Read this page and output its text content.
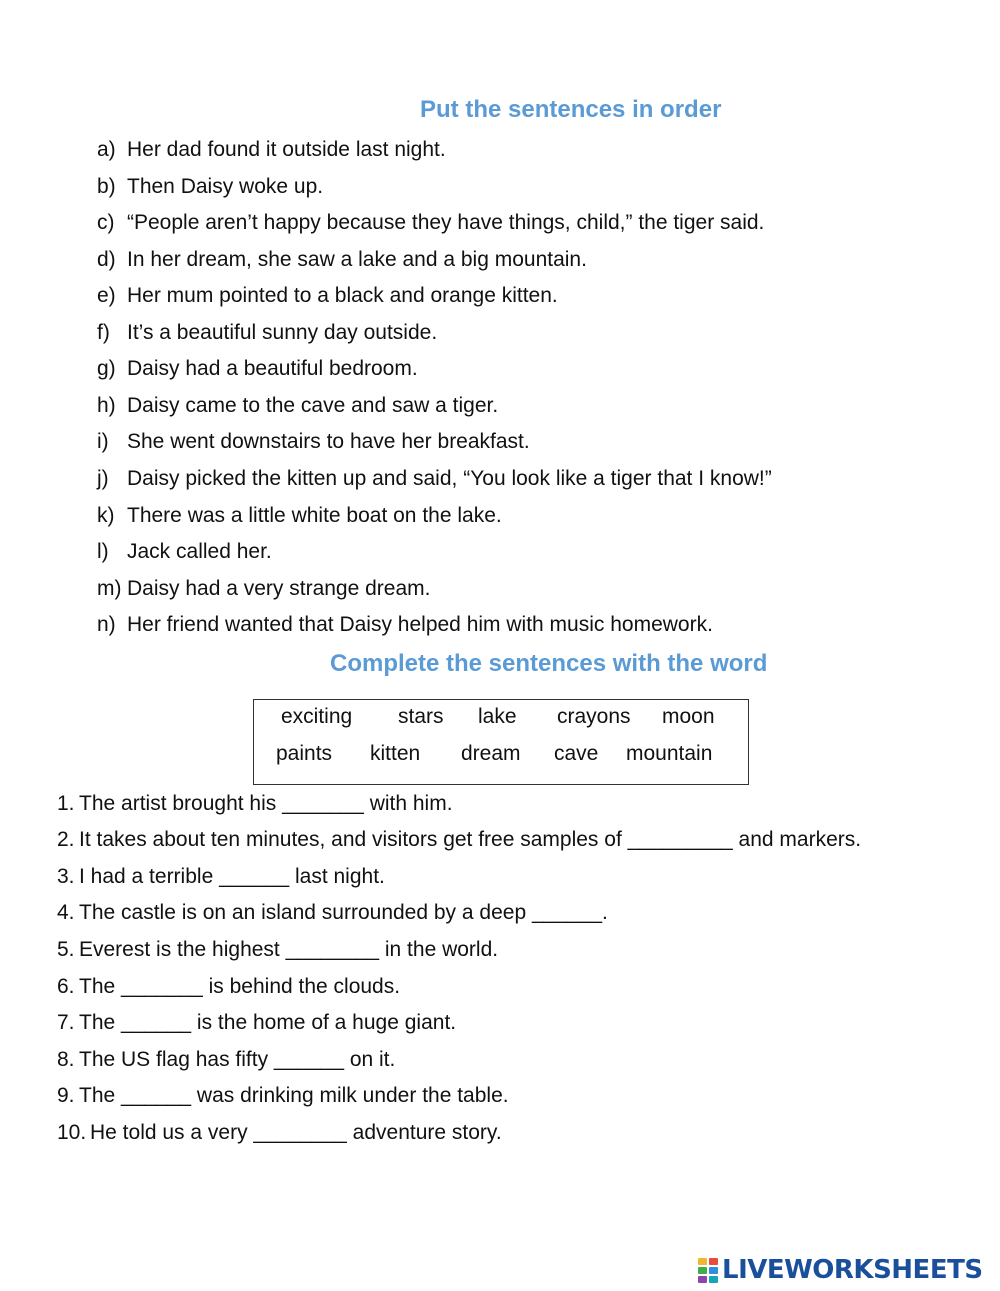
Put the sentences in order
a) Her dad found it outside last night.
b) Then Daisy woke up.
c) “People aren’t happy because they have things, child,” the tiger said.
d) In her dream, she saw a lake and a big mountain.
e) Her mum pointed to a black and orange kitten.
f) It’s a beautiful sunny day outside.
g) Daisy had a beautiful bedroom.
h) Daisy came to the cave and saw a tiger.
i) She went downstairs to have her breakfast.
j) Daisy picked the kitten up and said, “You look like a tiger that I know!”
k) There was a little white boat on the lake.
l) Jack called her.
m) Daisy had a very strange dream.
n) Her friend wanted that Daisy helped him with music homework.
Complete the sentences with the word
exciting stars lake crayons moon
paints kitten dream cave mountain
1. The artist brought his _______ with him.
2. It takes about ten minutes, and visitors get free samples of _________ and markers.
3. I had a terrible ______ last night.
4. The castle is on an island surrounded by a deep ______.
5. Everest is the highest ________ in the world.
6. The _______ is behind the clouds.
7. The ______ is the home of a huge giant.
8. The US flag has fifty ______ on it.
9. The ______ was drinking milk under the table.
10. He told us a very ________ adventure story.
LIVEWORKSHEETS
